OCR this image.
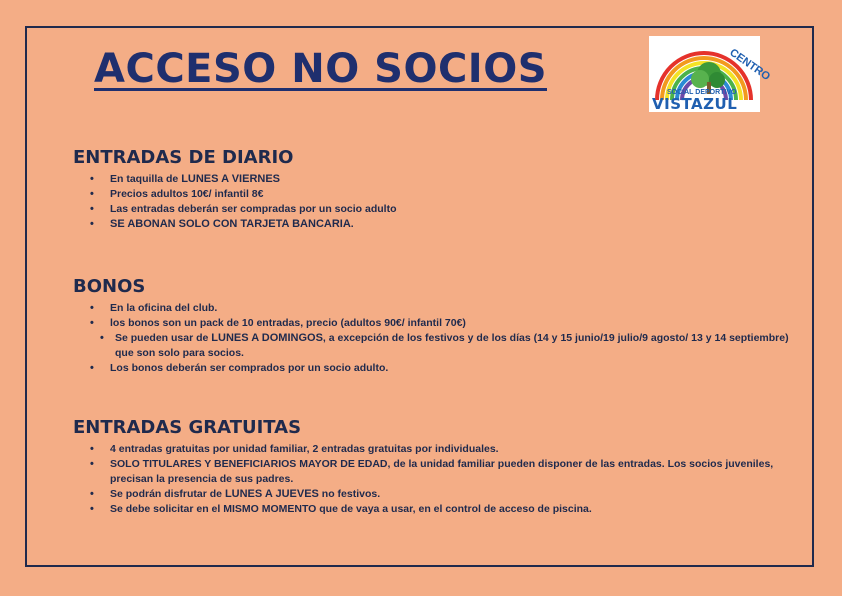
ACCESO NO SOCIOS	CENTRO
SOCIAL DEPORTIVO
VISTAZUL
ENTRADAS DE DIARIO
• En taquilla de LUNES A VIERNES
• Precios adultos 10€/ infantil 8€
• Las entradas deberán ser compradas por un socio adulto
• SE ABONAN SOLO CON TARJETA BANCARIA.
BONOS
• En la oficina del club.
• los bonos son un pack de 10 entradas, precio (adultos 90€/ infantil 70€)
• Se pueden usar de LUNES A DOMINGOS, a excepción de los festivos y de los días (14 y 15 junio/19 julio/9 agosto/ 13 y 14 septiembre) que son solo para socios.
• Los bonos deberán ser comprados por un socio adulto.
ENTRADAS GRATUITAS
• 4 entradas gratuitas por unidad familiar, 2 entradas gratuitas por individuales.
• SOLO TITULARES Y BENEFICIARIOS MAYOR DE EDAD, de la unidad familiar pueden disponer de las entradas. Los socios juveniles, precisan la presencia de sus padres.
• Se podrán disfrutar de LUNES A JUEVES no festivos.
• Se debe solicitar en el MISMO MOMENTO que de vaya a usar, en el control de acceso de piscina.
